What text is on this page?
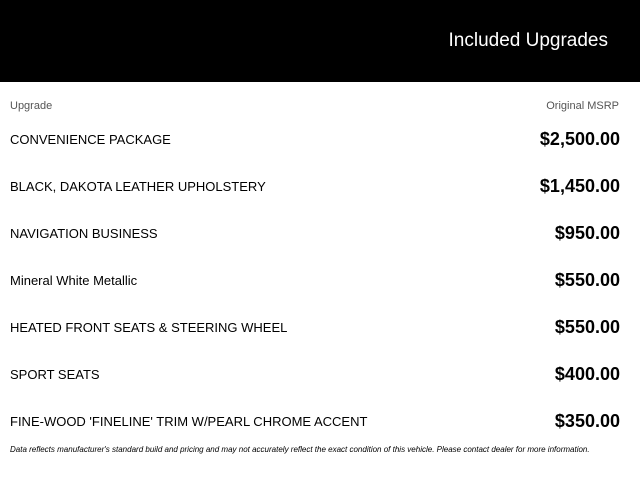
Included Upgrades
Upgrade	Original MSRP
CONVENIENCE PACKAGE	$2,500.00
BLACK, DAKOTA LEATHER UPHOLSTERY	$1,450.00
NAVIGATION BUSINESS	$950.00
Mineral White Metallic	$550.00
HEATED FRONT SEATS & STEERING WHEEL	$550.00
SPORT SEATS	$400.00
FINE-WOOD 'FINELINE' TRIM W/PEARL CHROME ACCENT	$350.00
Data reflects manufacturer's standard build and pricing and may not accurately reflect the exact condition of this vehicle. Please contact dealer for more information.
